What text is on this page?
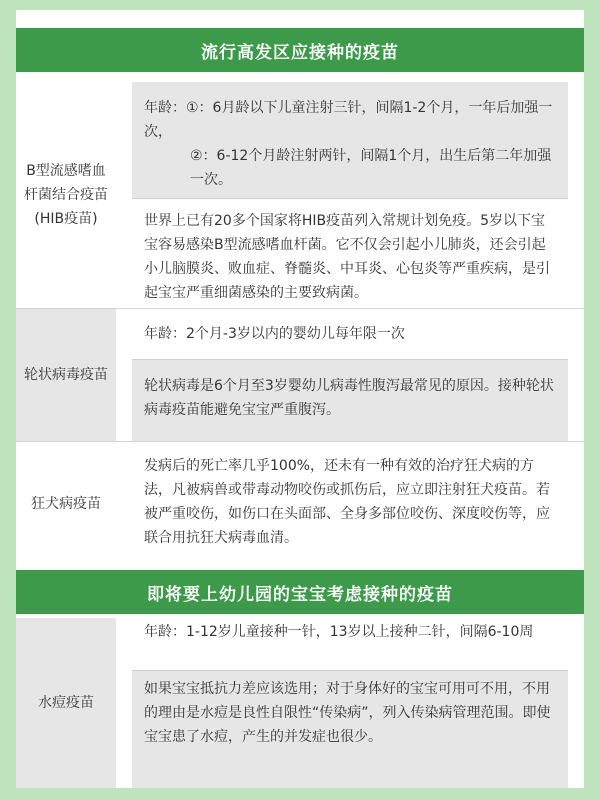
流行高发区应接种的疫苗
B型流感嗜血杆菌结合疫苗(HIB疫苗)
年龄：①：6月龄以下儿童注射三针，间隔1-2个月，一年后加强一次，
②：6-12个月龄注射两针，间隔1个月，出生后第二年加强一次。
世界上已有20多个国家将HIB疫苗列入常规计划免疫。5岁以下宝宝容易感染B型流感嗜血杆菌。它不仅会引起小儿肺炎，还会引起小儿脑膜炎、败血症、脊髓炎、中耳炎、心包炎等严重疾病，是引起宝宝严重细菌感染的主要致病菌。
轮状病毒疫苗
年龄：2个月-3岁以内的婴幼儿每年限一次
轮状病毒是6个月至3岁婴幼儿病毒性腹泻最常见的原因。接种轮状病毒疫苗能避免宝宝严重腹泻。
狂犬病疫苗
发病后的死亡率几乎100%，还未有一种有效的治疗狂犬病的方法，凡被病兽或带毒动物咬伤或抓伤后，应立即注射狂犬疫苗。若被严重咬伤，如伤口在头面部、全身多部位咬伤、深度咬伤等，应联合用抗狂犬病毒血清。
即将要上幼儿园的宝宝考虑接种的疫苗
水痘疫苗
年龄：1-12岁儿童接种一针，13岁以上接种二针，间隔6-10周
如果宝宝抵抗力差应该选用；对于身体好的宝宝可用可不用，不用的理由是水痘是良性自限性“传染病”，列入传染病管理范围。即使宝宝患了水痘，产生的并发症也很少。
